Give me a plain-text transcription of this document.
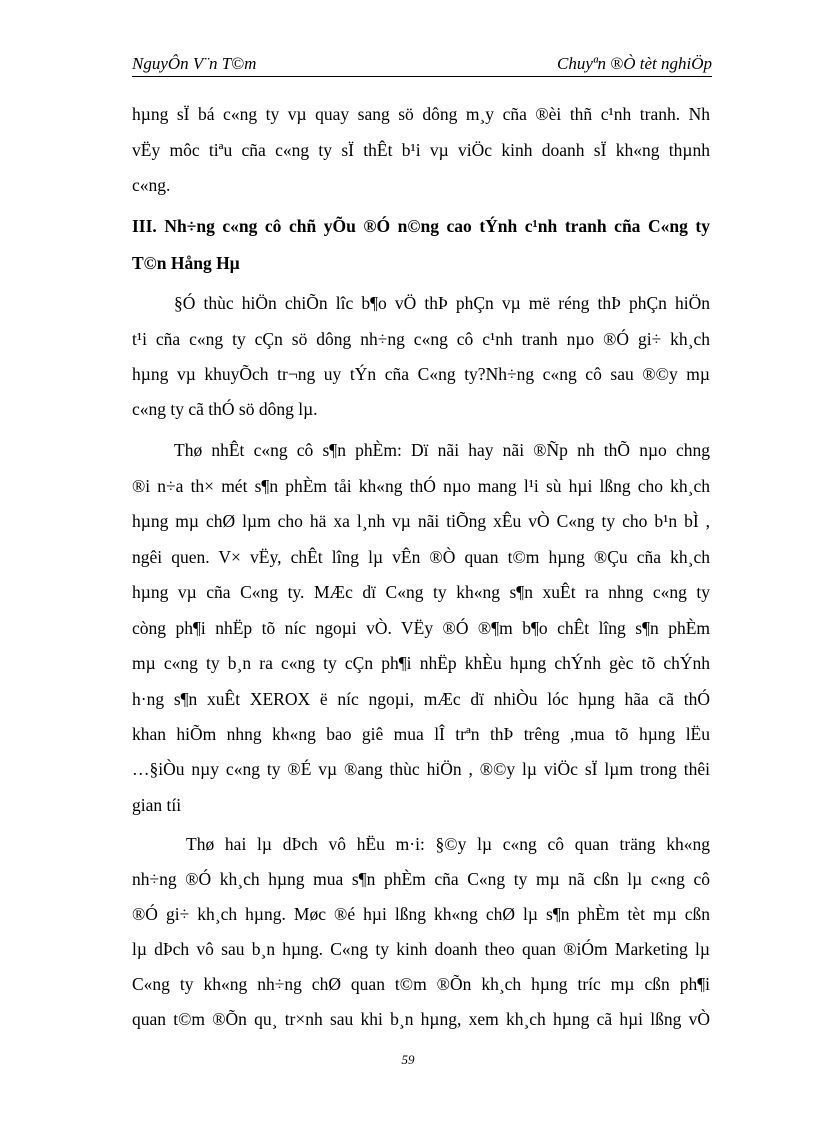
NguyÔn V¨n T©m	Chuyªn ®Ò tèt nghiÖp
hµng sÏ bá c«ng ty vµ quay sang sö dông m¸y cña ®èi thñ c¹nh tranh. Nh
vËy môc tiªu cña c«ng ty sÏ thÊt b¹i vµ viÖc kinh doanh sÏ kh«ng thµnh
c«ng.
III. Nh÷ng c«ng cô chñ yÕu ®Ó n©ng cao tÝnh c¹nh tranh cña C«ng ty
T©n Hång Hµ
§Ó thùc hiÖn chiÕn lîc b¶o vÖ thÞ phÇn vµ më réng thÞ phÇn hiÖn
t¹i cña c«ng ty cÇn sö dông nh÷ng c«ng cô c¹nh tranh nµo ®Ó gi÷ kh¸ch
hµng vµ khuyÕch tr¬ng uy tÝn cña C«ng ty?Nh÷ng c«ng cô sau ®©y mµ
c«ng ty cã thÓ sö dông lµ.
Thø nhÊt c«ng cô s¶n phÈm: Dï nãi hay nãi ®Ñp nh thÕ nµo chng
®i n÷a th× mét s¶n phÈm tåi kh«ng thÓ nµo mang l¹i sù hµi lßng cho kh¸ch
hµng mµ chØ lµm cho hä xa l¸nh vµ nãi tiÕng xÊu vÒ C«ng ty cho b¹n bÌ ,
ngêi quen. V× vËy, chÊt lîng lµ vÊn ®Ò quan t©m hµng ®Çu cña kh¸ch
hµng vµ cña C«ng ty. MÆc dï C«ng ty kh«ng s¶n xuÊt ra nhng c«ng ty
còng ph¶i nhËp tõ níc ngoµi vÒ. VËy ®Ó ®¶m b¶o chÊt lîng s¶n phÈm
mµ c«ng ty b¸n ra c«ng ty cÇn ph¶i nhËp khÈu hµng chÝnh gèc tõ chÝnh
h·ng s¶n xuÊt XEROX ë níc ngoµi, mÆc dï nhiÒu lóc hµng hãa cã thÓ
khan hiÕm nhng kh«ng bao giê mua lÎ trªn thÞ trêng ,mua tõ hµng lËu
…§iÒu nµy c«ng ty ®É vµ ®ang thùc hiÖn , ®©y lµ viÖc sÏ lµm trong thêi
gian tíi
Thø hai lµ dÞch vô hËu m·i: §©y lµ c«ng cô quan träng kh«ng
nh÷ng ®Ó kh¸ch hµng mua s¶n phÈm cña C«ng ty mµ nã cßn lµ c«ng cô
®Ó gi÷ kh¸ch hµng. Møc ®é hµi lßng kh«ng chØ lµ s¶n phÈm tèt mµ cßn
lµ dÞch vô sau b¸n hµng. C«ng ty kinh doanh theo quan ®iÓm Marketing lµ
C«ng ty kh«ng nh÷ng chØ quan t©m ®Õn kh¸ch hµng tríc mµ cßn ph¶i
quan t©m ®Õn qu¸ tr×nh sau khi b¸n hµng, xem kh¸ch hµng cã hµi lßng vÒ
59
